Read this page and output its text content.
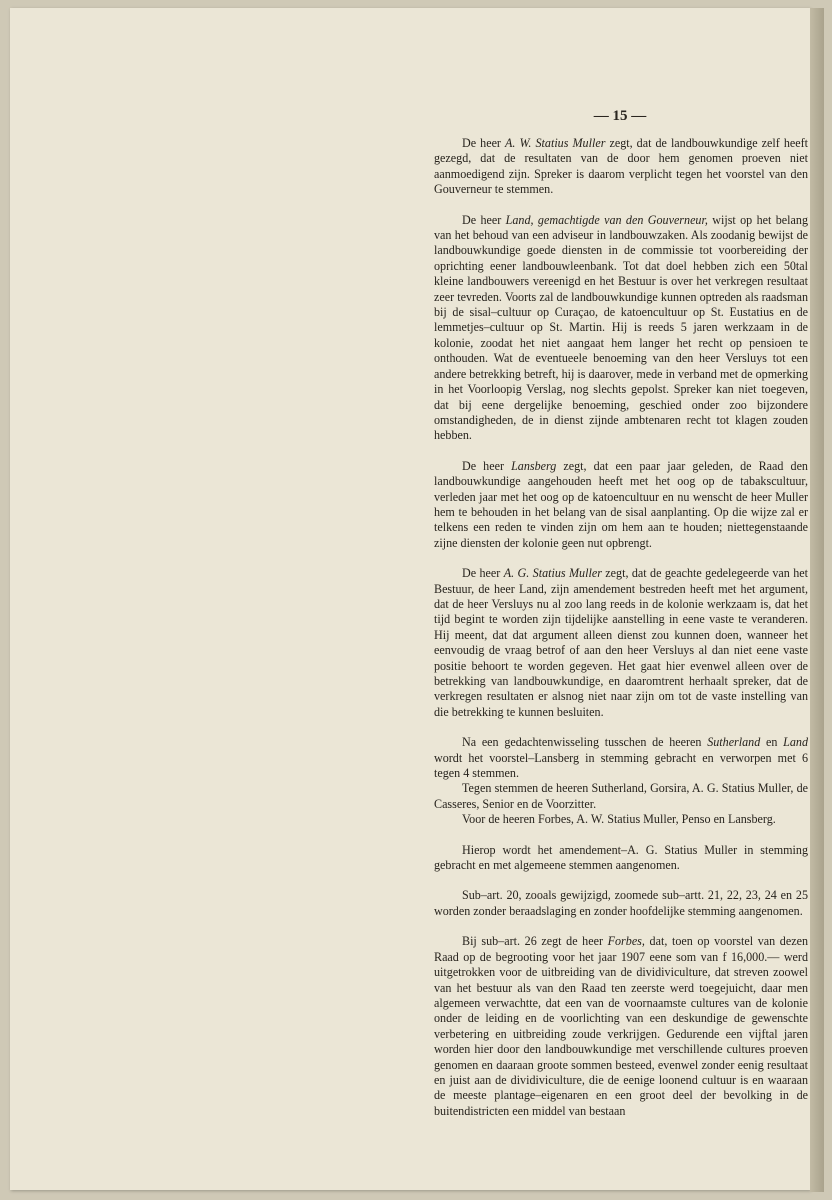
— 15 —

De heer A. W. Statius Muller zegt, dat de landbouwkundige zelf heeft gezegd, dat de resultaten van de door hem genomen proeven niet aanmoedigend zijn. Spreker is daarom verplicht tegen het voorstel van den Gouverneur te stemmen.

De heer Land, gemachtigde van den Gouverneur, wijst op het belang van het behoud van een adviseur in landbouwzaken. Als zoodanig bewijst de landbouwkundige goede diensten in de commissie tot voorbereiding der oprichting eener landbouwleenbank. Tot dat doel hebben zich een 50tal kleine landbouwers vereenigd en het Bestuur is over het verkregen resultaat zeer tevreden. Voorts zal de landbouwkundige kunnen optreden als raadsman bij de sisal–cultuur op Curaçao, de katoencultuur op St. Eustatius en de lemmetjes–cultuur op St. Martin. Hij is reeds 5 jaren werkzaam in de kolonie, zoodat het niet aangaat hem langer het recht op pensioen te onthouden. Wat de eventueele benoeming van den heer Versluys tot een andere betrekking betreft, hij is daarover, mede in verband met de opmerking in het Voorloopig Verslag, nog slechts gepolst. Spreker kan niet toegeven, dat bij eene dergelijke benoeming, geschied onder zoo bijzondere omstandigheden, de in dienst zijnde ambtenaren recht tot klagen zouden hebben.

De heer Lansberg zegt, dat een paar jaar geleden, de Raad den landbouwkundige aangehouden heeft met het oog op de tabakscultuur, verleden jaar met het oog op de katoencultuur en nu wenscht de heer Muller hem te behouden in het belang van de sisal aanplanting. Op die wijze zal er telkens een reden te vinden zijn om hem aan te houden; niettegenstaande zijne diensten der kolonie geen nut opbrengt.

De heer A. G. Statius Muller zegt, dat de geachte gedelegeerde van het Bestuur, de heer Land, zijn amendement bestreden heeft met het argument, dat de heer Versluys nu al zoo lang reeds in de kolonie werkzaam is, dat het tijd begint te worden zijn tijdelijke aanstelling in eene vaste te veranderen. Hij meent, dat dat argument alleen dienst zou kunnen doen, wanneer het eenvoudig de vraag betrof of aan den heer Versluys al dan niet eene vaste positie behoort te worden gegeven. Het gaat hier evenwel alleen over de betrekking van landbouwkundige, en daaromtrent herhaalt spreker, dat de verkregen resultaten er alsnog niet naar zijn om tot de vaste instelling van die betrekking te kunnen besluiten.

Na een gedachtenwisseling tusschen de heeren Sutherland en Land wordt het voorstel–Lansberg in stemming gebracht en verworpen met 6 tegen 4 stemmen.

Tegen stemmen de heeren Sutherland, Gorsira, A. G. Statius Muller, de Casseres, Senior en de Voorzitter.

Voor de heeren Forbes, A. W. Statius Muller, Penso en Lansberg.

Hierop wordt het amendement–A. G. Statius Muller in stemming gebracht en met algemeene stemmen aangenomen.

Sub–art. 20, zooals gewijzigd, zoomede sub–artt. 21, 22, 23, 24 en 25 worden zonder beraadslaging en zonder hoofdelijke stemming aangenomen.

Bij sub–art. 26 zegt de heer Forbes, dat, toen op voorstel van dezen Raad op de begrooting voor het jaar 1907 eene som van f 16,000.— werd uitgetrokken voor de uitbreiding van de dividiviculture, dat streven zoowel van het bestuur als van den Raad ten zeerste werd toegejuicht, daar men algemeen verwachtte, dat een van de voornaamste cultures van de kolonie onder de leiding en de voorlichting van een deskundige de gewenschte verbetering en uitbreiding zoude verkrijgen. Gedurende een vijftal jaren worden hier door den landbouwkundige met verschillende cultures proeven genomen en daaraan groote sommen besteed, evenwel zonder eenig resultaat en juist aan de dividiviculture, die de eenige loonend cultuur is en waaraan de meeste plantage–eigenaren en een groot deel der bevolking in de buitendistricten een middel van bestaan
